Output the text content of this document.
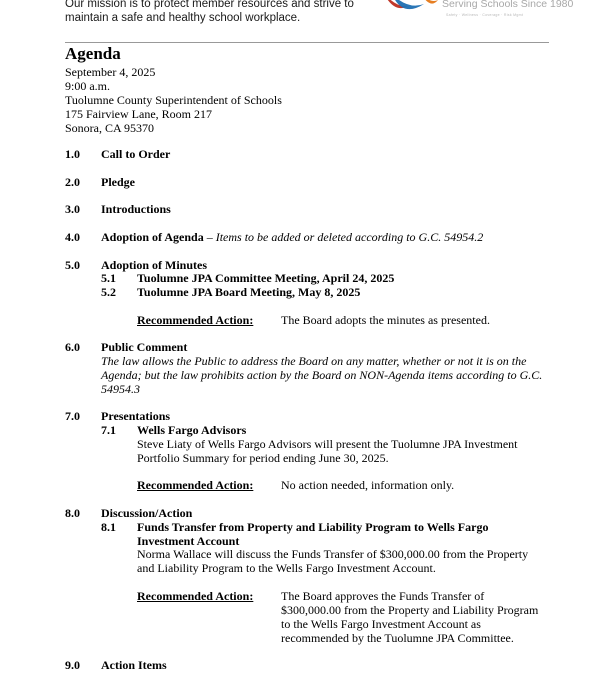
Our mission is to protect member resources and strive to maintain a safe and healthy school workplace.
Serving Schools Since 1980
Safety · Wellness · Coverage · Risk Mgmt
Agenda
September 4, 2025
9:00 a.m.
Tuolumne County Superintendent of Schools
175 Fairview Lane, Room 217
Sonora, CA 95370
1.0 Call to Order
2.0 Pledge
3.0 Introductions
4.0 Adoption of Agenda – Items to be added or deleted according to G.C. 54954.2
5.0 Adoption of Minutes
5.1 Tuolumne JPA Committee Meeting, April 24, 2025
5.2 Tuolumne JPA Board Meeting, May 8, 2025
Recommended Action: The Board adopts the minutes as presented.
6.0 Public Comment
The law allows the Public to address the Board on any matter, whether or not it is on the Agenda; but the law prohibits action by the Board on NON-Agenda items according to G.C. 54954.3
7.0 Presentations
7.1 Wells Fargo Advisors
Steve Liaty of Wells Fargo Advisors will present the Tuolumne JPA Investment Portfolio Summary for period ending June 30, 2025.
Recommended Action: No action needed, information only.
8.0 Discussion/Action
8.1 Funds Transfer from Property and Liability Program to Wells Fargo Investment Account
Norma Wallace will discuss the Funds Transfer of $300,000.00 from the Property and Liability Program to the Wells Fargo Investment Account.
Recommended Action: The Board approves the Funds Transfer of $300,000.00 from the Property and Liability Program to the Wells Fargo Investment Account as recommended by the Tuolumne JPA Committee.
9.0 Action Items
